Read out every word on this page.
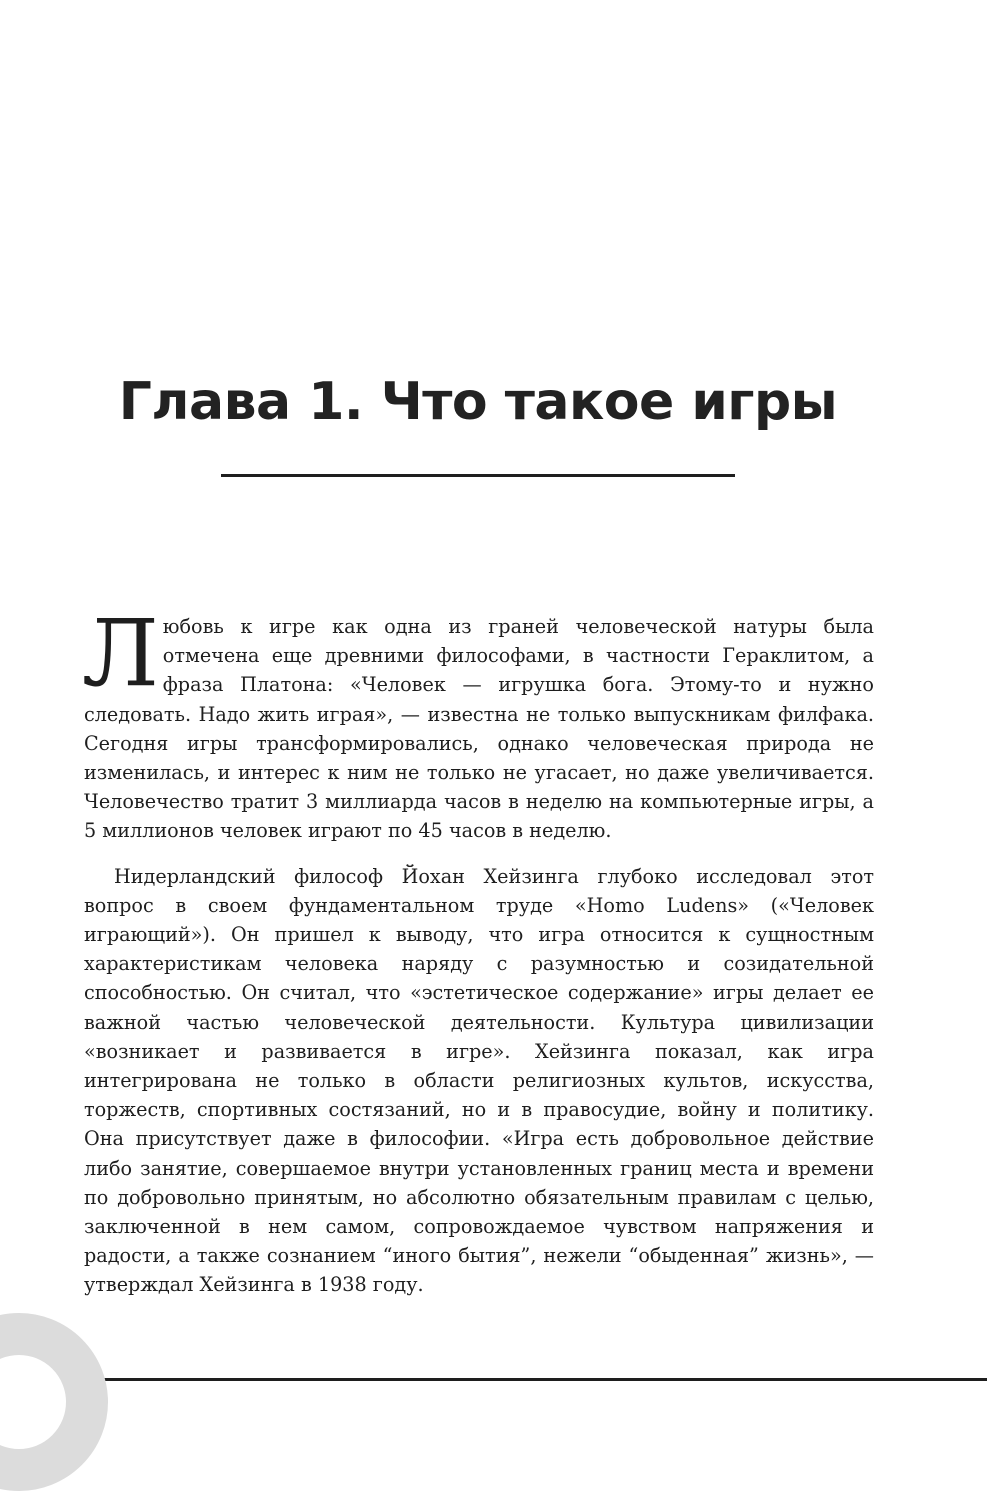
Глава 1. Что такое игры

Любовь к игре как одна из граней человеческой натуры была отмечена еще древними философами, в частности Гераклитом, а фраза Платона: «Человек — игрушка бога. Этому-то и нужно следовать. Надо жить играя», — известна не только выпускникам филфака. Сегодня игры трансформировались, однако человеческая природа не изменилась, и интерес к ним не только не угасает, но даже увеличивается. Человечество тратит 3 миллиарда часов в неделю на компьютерные игры, а 5 миллионов человек играют по 45 часов в неделю.

Нидерландский философ Йохан Хейзинга глубоко исследовал этот вопрос в своем фундаментальном труде «Homo Ludens» («Человек играющий»). Он пришел к выводу, что игра относится к сущностным характеристикам человека наряду с разумностью и созидательной способностью. Он считал, что «эстетическое содержание» игры делает ее важной частью человеческой деятельности. Культура цивилизации «возникает и развивается в игре». Хейзинга показал, как игра интегрирована не только в области религиозных культов, искусства, торжеств, спортивных состязаний, но и в правосудие, войну и политику. Она присутствует даже в философии. «Игра есть добровольное действие либо занятие, совершаемое внутри установленных границ места и времени по добровольно принятым, но абсолютно обязательным правилам с целью, заключенной в нем самом, сопровождаемое чувством напряжения и радости, а также сознанием “иного бытия”, нежели “обыденная” жизнь», — утверждал Хейзинга в 1938 году.
